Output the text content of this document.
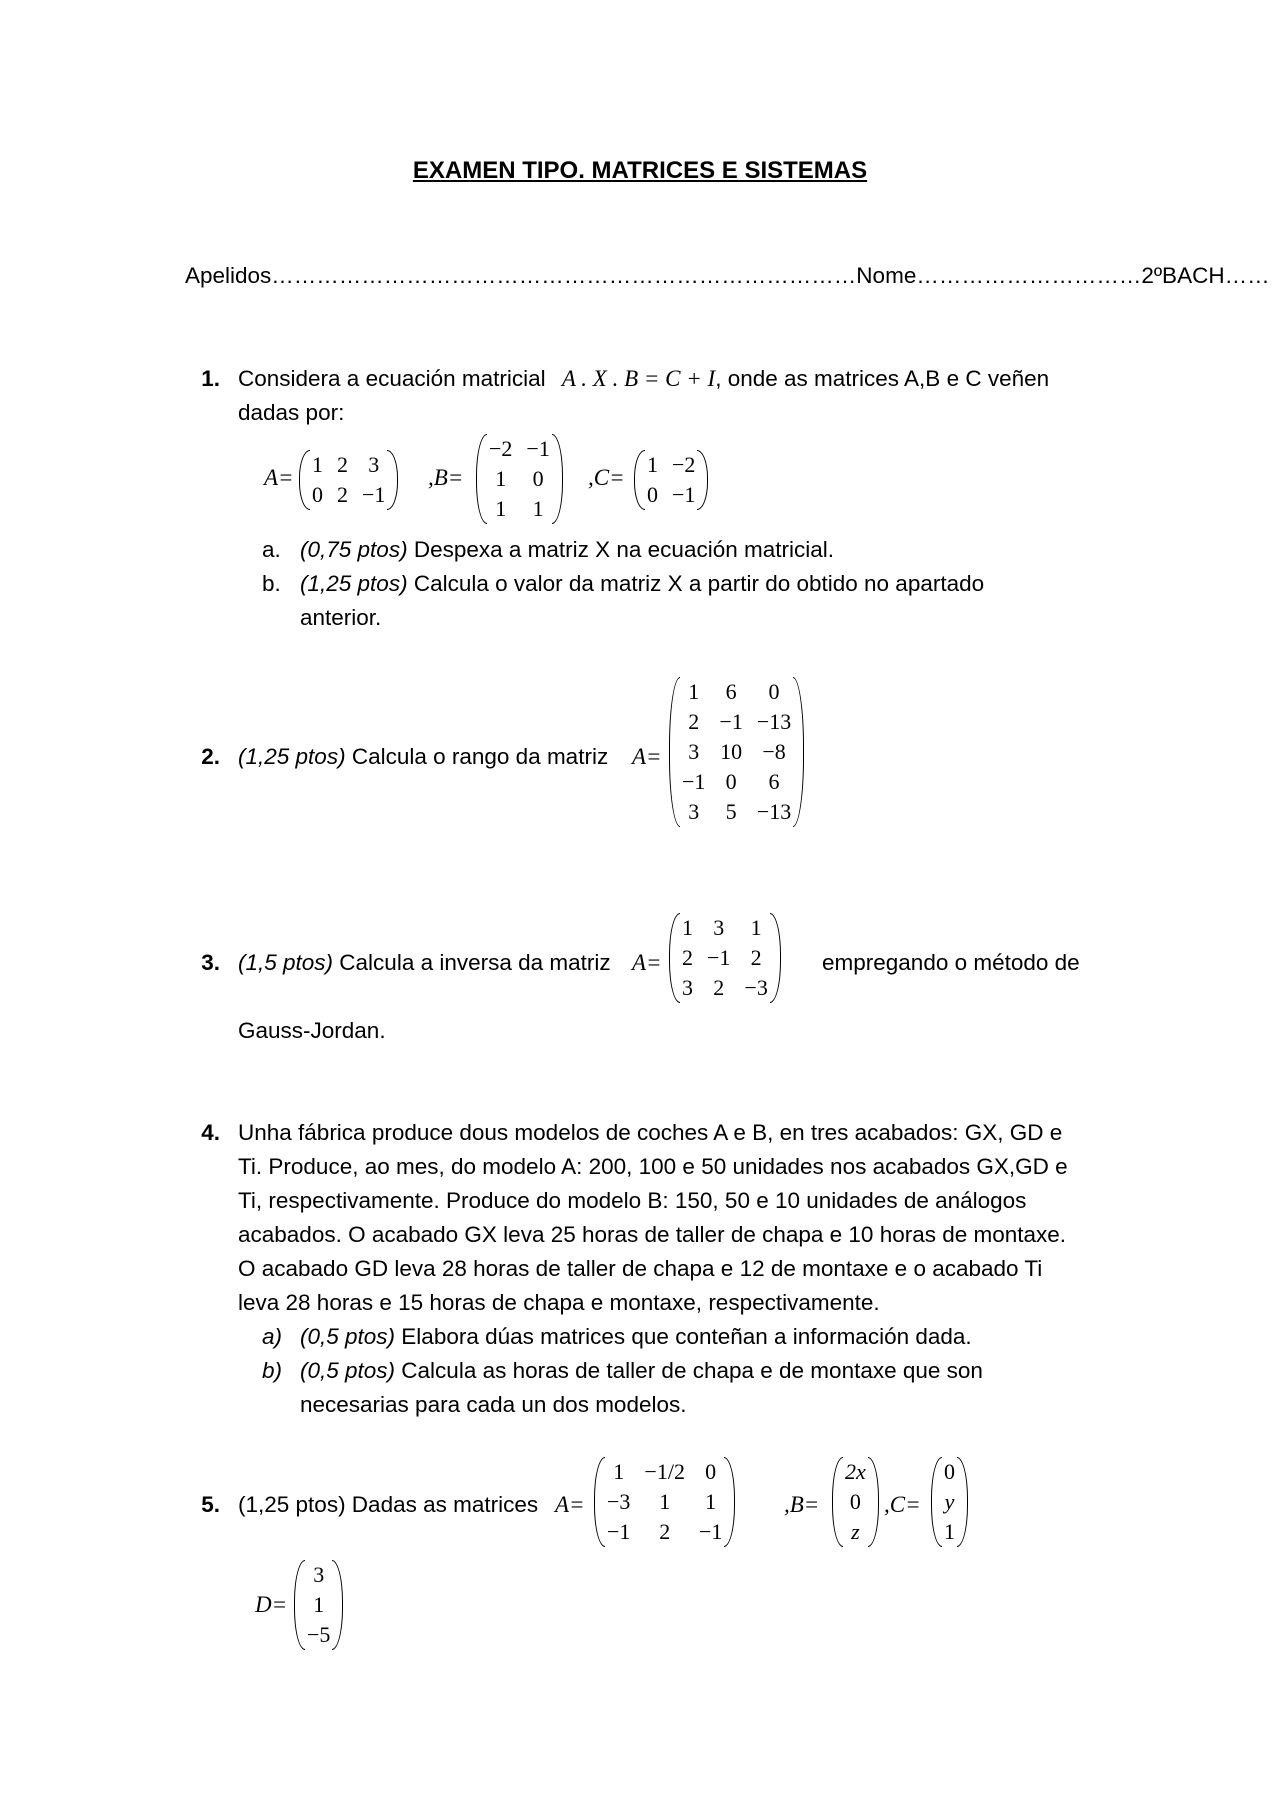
EXAMEN TIPO. MATRICES E SISTEMAS
Apelidos……………………………………………………………………Nome…………………………2ºBACH……
1. Considera a ecuación matricial A . X . B = C + I, onde as matrices A,B e C veñen
dadas por:
A=
1	2	3
0	2	−1
,B=
−2	−1
1	0
1	1
,C=
1	−2
0	−1
a. (0,75 ptos) Despexa a matriz X na ecuación matricial.
b. (1,25 ptos) Calcula o valor da matriz X a partir do obtido no apartado
anterior.
2. (1,25 ptos) Calcula o rango da matriz A=
1	6	0
2	−1	−13
3	10	−8
−1	0	6
3	5	−13
3. (1,5 ptos) Calcula a inversa da matriz A=
1	3	1
2	−1	2
3	2	−3
empregando o método de
Gauss-Jordan.
4. Unha fábrica produce dous modelos de coches A e B, en tres acabados: GX, GD e
Ti. Produce, ao mes, do modelo A: 200, 100 e 50 unidades nos acabados GX,GD e
Ti, respectivamente. Produce do modelo B: 150, 50 e 10 unidades de análogos
acabados. O acabado GX leva 25 horas de taller de chapa e 10 horas de montaxe.
O acabado GD leva 28 horas de taller de chapa e 12 de montaxe e o acabado Ti
leva 28 horas e 15 horas de chapa e montaxe, respectivamente.
a) (0,5 ptos) Elabora dúas matrices que conteñan a información dada.
b) (0,5 ptos) Calcula as horas de taller de chapa e de montaxe que son
necesarias para cada un dos modelos.
5. (1,25 ptos) Dadas as matrices A=
1	−1/2	0
−3	1	1
−1	2	−1
,B=
2x
0
z
,C=
0
y
1
D=
3
1
−5
